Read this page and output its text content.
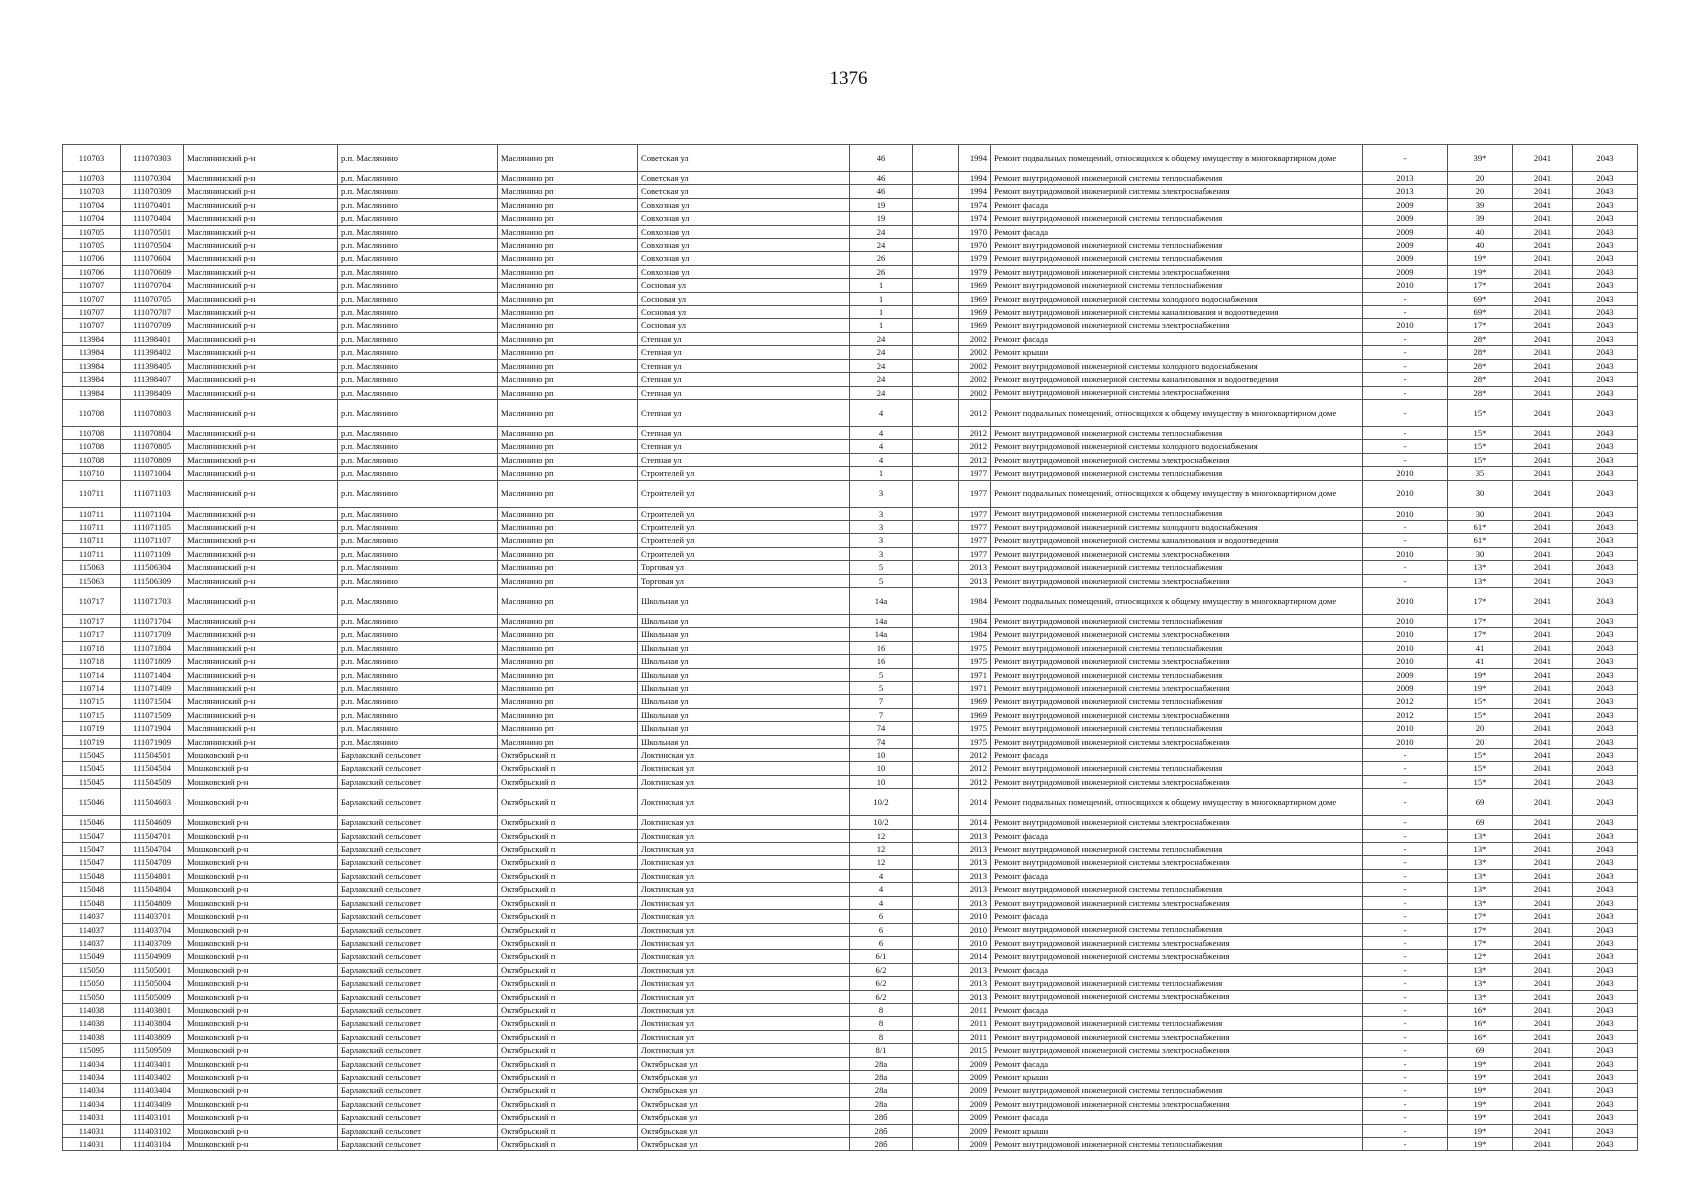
1376
110703	111070303	Маслянинский р-н	р.п. Маслянино	Маслянино рп	Советская ул	46		1994	Ремонт подвальных помещений, относящихся к общему имуществу в многоквартирном доме	-	39*	2041	2043
110703	111070304	Маслянинский р-н	р.п. Маслянино	Маслянино рп	Советская ул	46		1994	Ремонт внутридомовой инженерной системы теплоснабжения	2013	20	2041	2043
110703	111070309	Маслянинский р-н	р.п. Маслянино	Маслянино рп	Советская ул	46		1994	Ремонт внутридомовой инженерной системы электроснабжения	2013	20	2041	2043
110704	111070401	Маслянинский р-н	р.п. Маслянино	Маслянино рп	Совхозная ул	19		1974	Ремонт фасада	2009	39	2041	2043
110704	111070404	Маслянинский р-н	р.п. Маслянино	Маслянино рп	Совхозная ул	19		1974	Ремонт внутридомовой инженерной системы теплоснабжения	2009	39	2041	2043
110705	111070501	Маслянинский р-н	р.п. Маслянино	Маслянино рп	Совхозная ул	24		1970	Ремонт фасада	2009	40	2041	2043
110705	111070504	Маслянинский р-н	р.п. Маслянино	Маслянино рп	Совхозная ул	24		1970	Ремонт внутридомовой инженерной системы теплоснабжения	2009	40	2041	2043
110706	111070604	Маслянинский р-н	р.п. Маслянино	Маслянино рп	Совхозная ул	26		1979	Ремонт внутридомовой инженерной системы теплоснабжения	2009	19*	2041	2043
110706	111070609	Маслянинский р-н	р.п. Маслянино	Маслянино рп	Совхозная ул	26		1979	Ремонт внутридомовой инженерной системы электроснабжения	2009	19*	2041	2043
110707	111070704	Маслянинский р-н	р.п. Маслянино	Маслянино рп	Сосновая ул	1		1969	Ремонт внутридомовой инженерной системы теплоснабжения	2010	17*	2041	2043
110707	111070705	Маслянинский р-н	р.п. Маслянино	Маслянино рп	Сосновая ул	1		1969	Ремонт внутридомовой инженерной системы холодного водоснабжения	-	69*	2041	2043
110707	111070707	Маслянинский р-н	р.п. Маслянино	Маслянино рп	Сосновая ул	1		1969	Ремонт внутридомовой инженерной системы канализования и водоотведения	-	69*	2041	2043
110707	111070709	Маслянинский р-н	р.п. Маслянино	Маслянино рп	Сосновая ул	1		1969	Ремонт внутридомовой инженерной системы электроснабжения	2010	17*	2041	2043
113984	111398401	Маслянинский р-н	р.п. Маслянино	Маслянино рп	Степная ул	24		2002	Ремонт фасада	-	28*	2041	2043
113984	111398402	Маслянинский р-н	р.п. Маслянино	Маслянино рп	Степная ул	24		2002	Ремонт крыши	-	28*	2041	2043
113984	111398405	Маслянинский р-н	р.п. Маслянино	Маслянино рп	Степная ул	24		2002	Ремонт внутридомовой инженерной системы холодного водоснабжения	-	28*	2041	2043
113984	111398407	Маслянинский р-н	р.п. Маслянино	Маслянино рп	Степная ул	24		2002	Ремонт внутридомовой инженерной системы канализования и водоотведения	-	28*	2041	2043
113984	111398409	Маслянинский р-н	р.п. Маслянино	Маслянино рп	Степная ул	24		2002	Ремонт внутридомовой инженерной системы электроснабжения	-	28*	2041	2043
110708	111070803	Маслянинский р-н	р.п. Маслянино	Маслянино рп	Степная ул	4		2012	Ремонт подвальных помещений, относящихся к общему имуществу в многоквартирном доме	-	15*	2041	2043
110708	111070804	Маслянинский р-н	р.п. Маслянино	Маслянино рп	Степная ул	4		2012	Ремонт внутридомовой инженерной системы теплоснабжения	-	15*	2041	2043
110708	111070805	Маслянинский р-н	р.п. Маслянино	Маслянино рп	Степная ул	4		2012	Ремонт внутридомовой инженерной системы холодного водоснабжения	-	15*	2041	2043
110708	111070809	Маслянинский р-н	р.п. Маслянино	Маслянино рп	Степная ул	4		2012	Ремонт внутридомовой инженерной системы электроснабжения	-	15*	2041	2043
110710	111071004	Маслянинский р-н	р.п. Маслянино	Маслянино рп	Строителей ул	1		1977	Ремонт внутридомовой инженерной системы теплоснабжения	2010	35	2041	2043
110711	111071103	Маслянинский р-н	р.п. Маслянино	Маслянино рп	Строителей ул	3		1977	Ремонт подвальных помещений, относящихся к общему имуществу в многоквартирном доме	2010	30	2041	2043
110711	111071104	Маслянинский р-н	р.п. Маслянино	Маслянино рп	Строителей ул	3		1977	Ремонт внутридомовой инженерной системы теплоснабжения	2010	30	2041	2043
110711	111071105	Маслянинский р-н	р.п. Маслянино	Маслянино рп	Строителей ул	3		1977	Ремонт внутридомовой инженерной системы холодного водоснабжения	-	61*	2041	2043
110711	111071107	Маслянинский р-н	р.п. Маслянино	Маслянино рп	Строителей ул	3		1977	Ремонт внутридомовой инженерной системы канализования и водоотведения	-	61*	2041	2043
110711	111071109	Маслянинский р-н	р.п. Маслянино	Маслянино рп	Строителей ул	3		1977	Ремонт внутридомовой инженерной системы электроснабжения	2010	30	2041	2043
115063	111506304	Маслянинский р-н	р.п. Маслянино	Маслянино рп	Торговая ул	5		2013	Ремонт внутридомовой инженерной системы теплоснабжения	-	13*	2041	2043
115063	111506309	Маслянинский р-н	р.п. Маслянино	Маслянино рп	Торговая ул	5		2013	Ремонт внутридомовой инженерной системы электроснабжения	-	13*	2041	2043
110717	111071703	Маслянинский р-н	р.п. Маслянино	Маслянино рп	Школьная ул	14а		1984	Ремонт подвальных помещений, относящихся к общему имуществу в многоквартирном доме	2010	17*	2041	2043
110717	111071704	Маслянинский р-н	р.п. Маслянино	Маслянино рп	Школьная ул	14а		1984	Ремонт внутридомовой инженерной системы теплоснабжения	2010	17*	2041	2043
110717	111071709	Маслянинский р-н	р.п. Маслянино	Маслянино рп	Школьная ул	14а		1984	Ремонт внутридомовой инженерной системы электроснабжения	2010	17*	2041	2043
110718	111071804	Маслянинский р-н	р.п. Маслянино	Маслянино рп	Школьная ул	16		1975	Ремонт внутридомовой инженерной системы теплоснабжения	2010	41	2041	2043
110718	111071809	Маслянинский р-н	р.п. Маслянино	Маслянино рп	Школьная ул	16		1975	Ремонт внутридомовой инженерной системы электроснабжения	2010	41	2041	2043
110714	111071404	Маслянинский р-н	р.п. Маслянино	Маслянино рп	Школьная ул	5		1971	Ремонт внутридомовой инженерной системы теплоснабжения	2009	19*	2041	2043
110714	111071409	Маслянинский р-н	р.п. Маслянино	Маслянино рп	Школьная ул	5		1971	Ремонт внутридомовой инженерной системы электроснабжения	2009	19*	2041	2043
110715	111071504	Маслянинский р-н	р.п. Маслянино	Маслянино рп	Школьная ул	7		1969	Ремонт внутридомовой инженерной системы теплоснабжения	2012	15*	2041	2043
110715	111071509	Маслянинский р-н	р.п. Маслянино	Маслянино рп	Школьная ул	7		1969	Ремонт внутридомовой инженерной системы электроснабжения	2012	15*	2041	2043
110719	111071904	Маслянинский р-н	р.п. Маслянино	Маслянино рп	Школьная ул	74		1975	Ремонт внутридомовой инженерной системы теплоснабжения	2010	20	2041	2043
110719	111071909	Маслянинский р-н	р.п. Маслянино	Маслянино рп	Школьная ул	74		1975	Ремонт внутридомовой инженерной системы электроснабжения	2010	20	2041	2043
115045	111504501	Мошковский р-н	Барлакский сельсовет	Октябрьский п	Локтинская ул	10		2012	Ремонт фасада	-	15*	2041	2043
115045	111504504	Мошковский р-н	Барлакский сельсовет	Октябрьский п	Локтинская ул	10		2012	Ремонт внутридомовой инженерной системы теплоснабжения	-	15*	2041	2043
115045	111504509	Мошковский р-н	Барлакский сельсовет	Октябрьский п	Локтинская ул	10		2012	Ремонт внутридомовой инженерной системы электроснабжения	-	15*	2041	2043
115046	111504603	Мошковский р-н	Барлакский сельсовет	Октябрьский п	Локтинская ул	10/2		2014	Ремонт подвальных помещений, относящихся к общему имуществу в многоквартирном доме	-	69	2041	2043
115046	111504609	Мошковский р-н	Барлакский сельсовет	Октябрьский п	Локтинская ул	10/2		2014	Ремонт внутридомовой инженерной системы электроснабжения	-	69	2041	2043
115047	111504701	Мошковский р-н	Барлакский сельсовет	Октябрьский п	Локтинская ул	12		2013	Ремонт фасада	-	13*	2041	2043
115047	111504704	Мошковский р-н	Барлакский сельсовет	Октябрьский п	Локтинская ул	12		2013	Ремонт внутридомовой инженерной системы теплоснабжения	-	13*	2041	2043
115047	111504709	Мошковский р-н	Барлакский сельсовет	Октябрьский п	Локтинская ул	12		2013	Ремонт внутридомовой инженерной системы электроснабжения	-	13*	2041	2043
115048	111504801	Мошковский р-н	Барлакский сельсовет	Октябрьский п	Локтинская ул	4		2013	Ремонт фасада	-	13*	2041	2043
115048	111504804	Мошковский р-н	Барлакский сельсовет	Октябрьский п	Локтинская ул	4		2013	Ремонт внутридомовой инженерной системы теплоснабжения	-	13*	2041	2043
115048	111504809	Мошковский р-н	Барлакский сельсовет	Октябрьский п	Локтинская ул	4		2013	Ремонт внутридомовой инженерной системы электроснабжения	-	13*	2041	2043
114037	111403701	Мошковский р-н	Барлакский сельсовет	Октябрьский п	Локтинская ул	6		2010	Ремонт фасада	-	17*	2041	2043
114037	111403704	Мошковский р-н	Барлакский сельсовет	Октябрьский п	Локтинская ул	6		2010	Ремонт внутридомовой инженерной системы теплоснабжения	-	17*	2041	2043
114037	111403709	Мошковский р-н	Барлакский сельсовет	Октябрьский п	Локтинская ул	6		2010	Ремонт внутридомовой инженерной системы электроснабжения	-	17*	2041	2043
115049	111504909	Мошковский р-н	Барлакский сельсовет	Октябрьский п	Локтинская ул	6/1		2014	Ремонт внутридомовой инженерной системы электроснабжения	-	12*	2041	2043
115050	111505001	Мошковский р-н	Барлакский сельсовет	Октябрьский п	Локтинская ул	6/2		2013	Ремонт фасада	-	13*	2041	2043
115050	111505004	Мошковский р-н	Барлакский сельсовет	Октябрьский п	Локтинская ул	6/2		2013	Ремонт внутридомовой инженерной системы теплоснабжения	-	13*	2041	2043
115050	111505009	Мошковский р-н	Барлакский сельсовет	Октябрьский п	Локтинская ул	6/2		2013	Ремонт внутридомовой инженерной системы электроснабжения	-	13*	2041	2043
114038	111403801	Мошковский р-н	Барлакский сельсовет	Октябрьский п	Локтинская ул	8		2011	Ремонт фасада	-	16*	2041	2043
114038	111403804	Мошковский р-н	Барлакский сельсовет	Октябрьский п	Локтинская ул	8		2011	Ремонт внутридомовой инженерной системы теплоснабжения	-	16*	2041	2043
114038	111403809	Мошковский р-н	Барлакский сельсовет	Октябрьский п	Локтинская ул	8		2011	Ремонт внутридомовой инженерной системы электроснабжения	-	16*	2041	2043
115095	111509509	Мошковский р-н	Барлакский сельсовет	Октябрьский п	Локтинская ул	8/1		2015	Ремонт внутридомовой инженерной системы электроснабжения	-	69	2041	2043
114034	111403401	Мошковский р-н	Барлакский сельсовет	Октябрьский п	Октябрьская ул	28а		2009	Ремонт фасада	-	19*	2041	2043
114034	111403402	Мошковский р-н	Барлакский сельсовет	Октябрьский п	Октябрьская ул	28а		2009	Ремонт крыши	-	19*	2041	2043
114034	111403404	Мошковский р-н	Барлакский сельсовет	Октябрьский п	Октябрьская ул	28а		2009	Ремонт внутридомовой инженерной системы теплоснабжения	-	19*	2041	2043
114034	111403409	Мошковский р-н	Барлакский сельсовет	Октябрьский п	Октябрьская ул	28а		2009	Ремонт внутридомовой инженерной системы электроснабжения	-	19*	2041	2043
114031	111403101	Мошковский р-н	Барлакский сельсовет	Октябрьский п	Октябрьская ул	28б		2009	Ремонт фасада	-	19*	2041	2043
114031	111403102	Мошковский р-н	Барлакский сельсовет	Октябрьский п	Октябрьская ул	28б		2009	Ремонт крыши	-	19*	2041	2043
114031	111403104	Мошковский р-н	Барлакский сельсовет	Октябрьский п	Октябрьская ул	28б		2009	Ремонт внутридомовой инженерной системы теплоснабжения	-	19*	2041	2043
